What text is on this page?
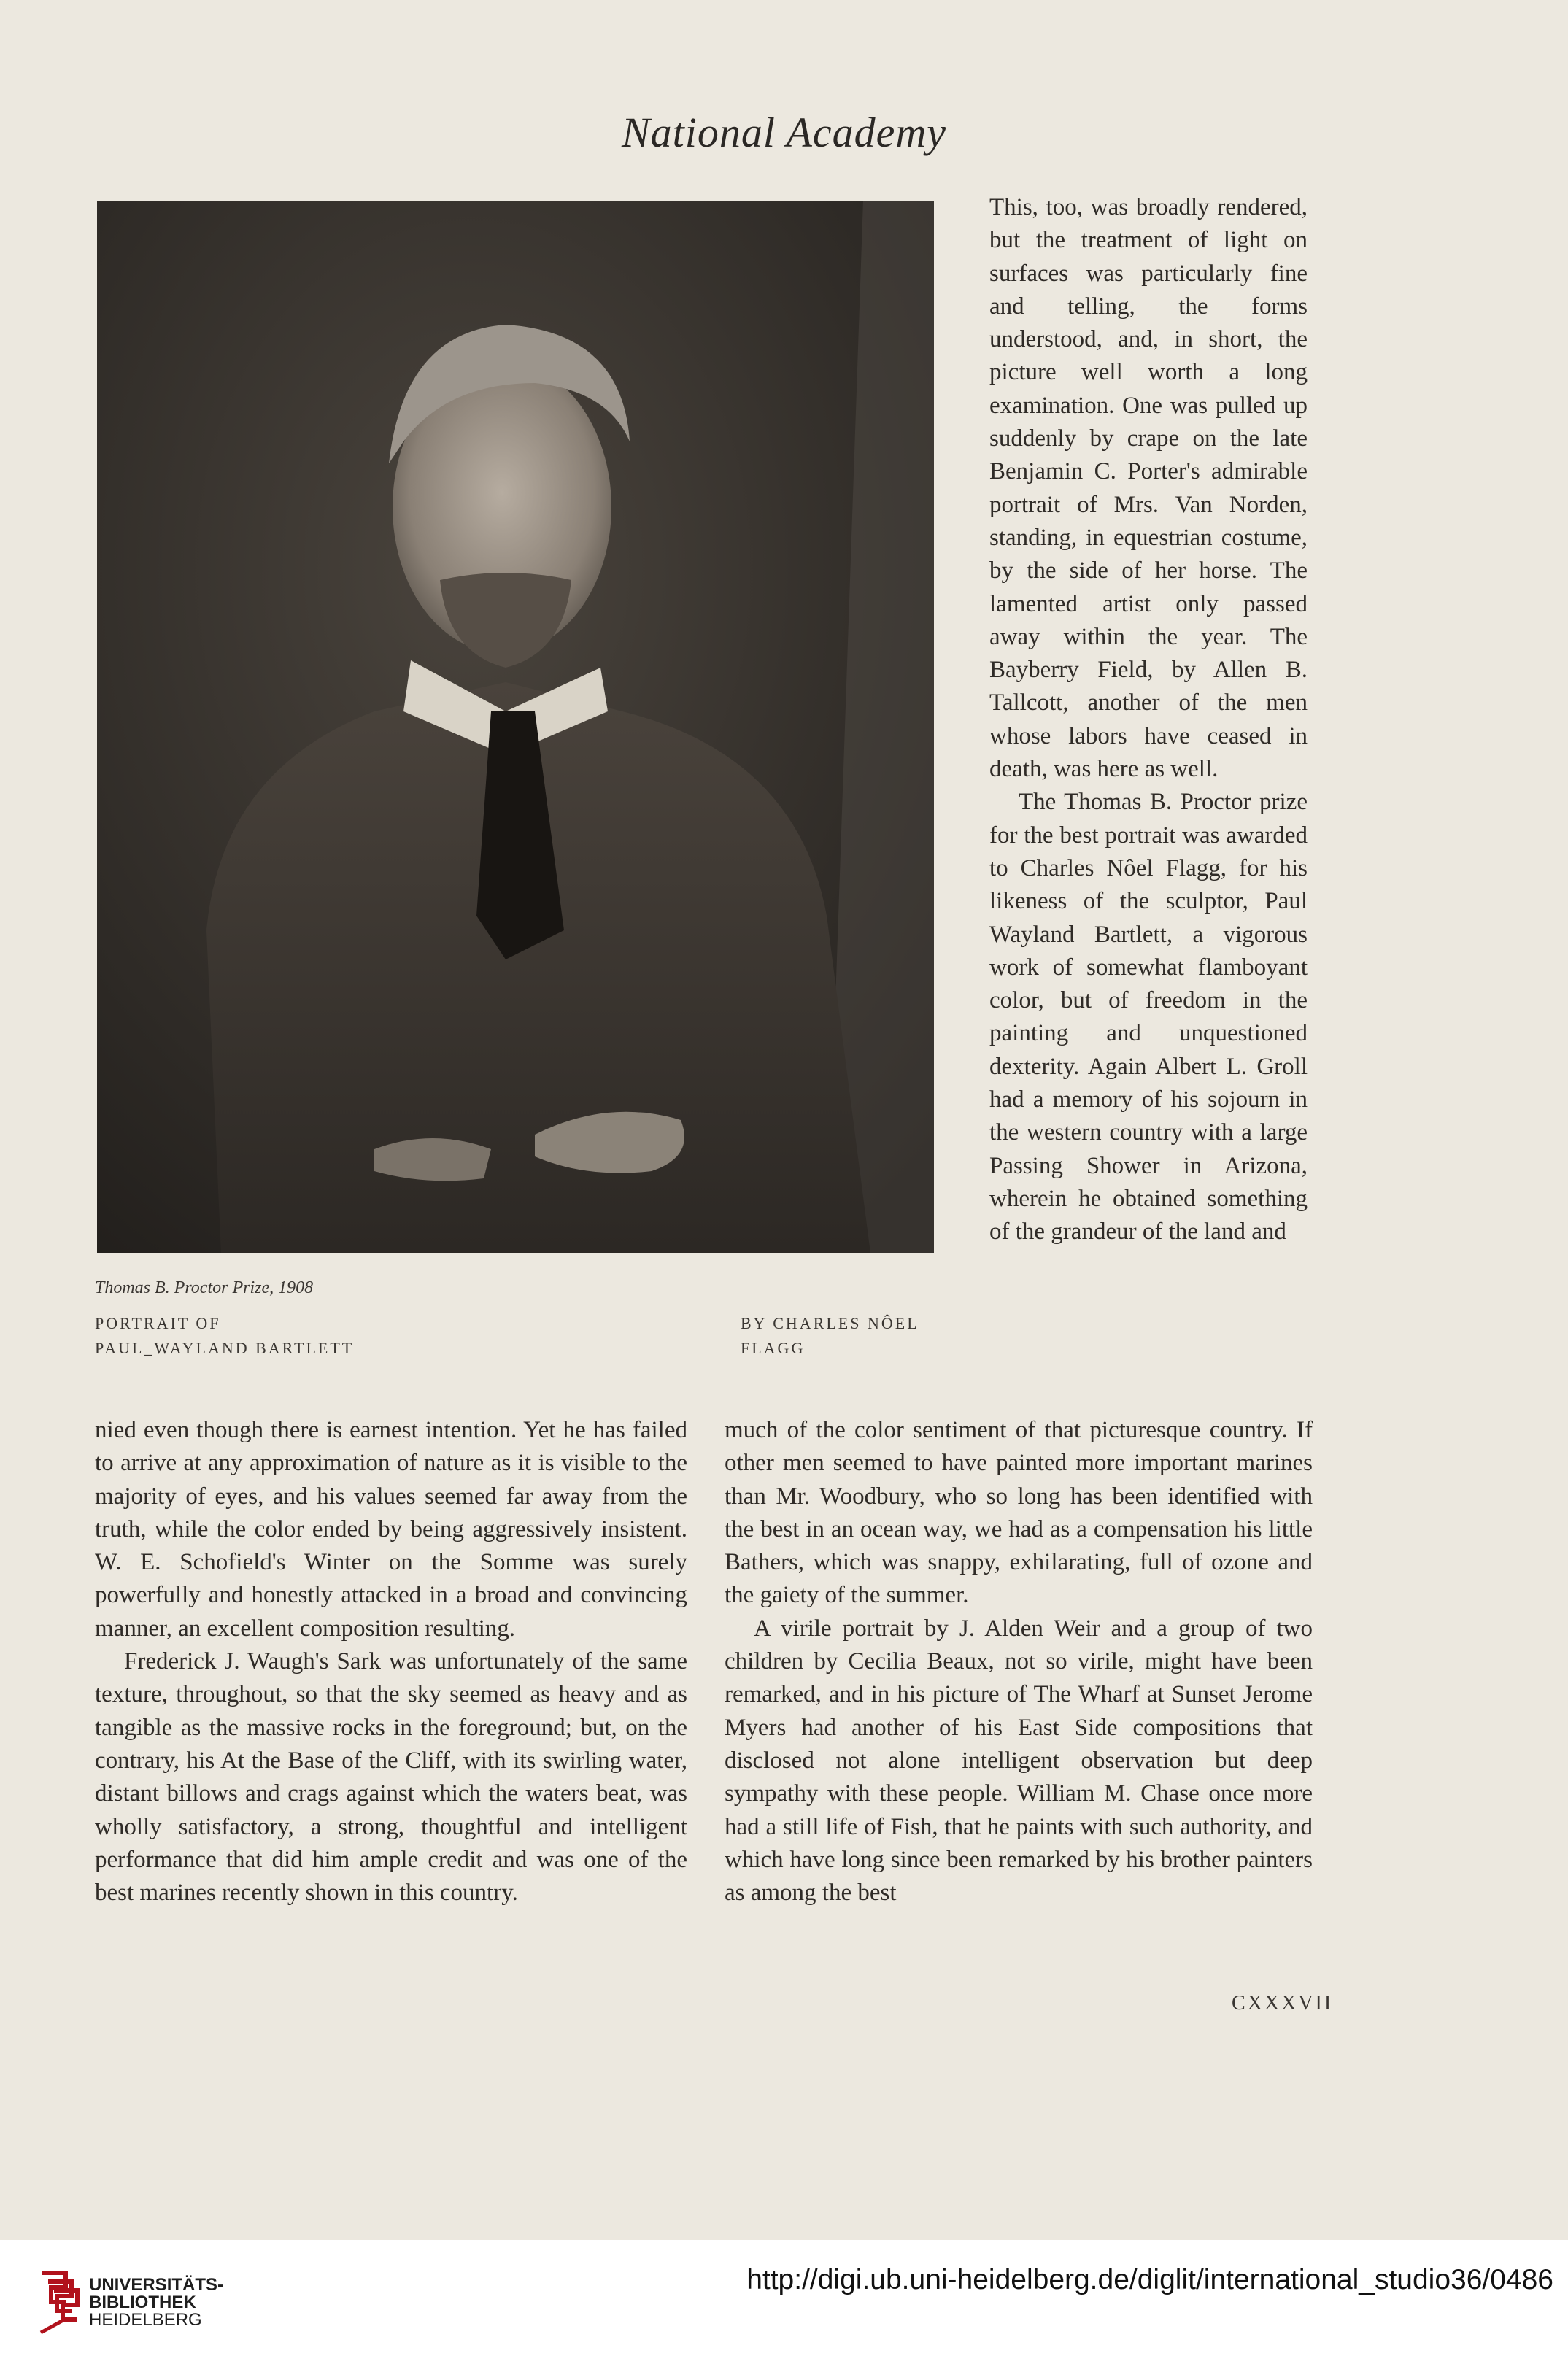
National Academy
Thomas B. Proctor Prize, 1908
PORTRAIT OF
PAUL_WAYLAND BARTLETT
BY CHARLES NÔEL
FLAGG

This, too, was broadly rendered, but the treatment of light on surfaces was particularly fine and telling, the forms understood, and, in short, the picture well worth a long examination. One was pulled up suddenly by crape on the late Benjamin C. Porter's admirable portrait of Mrs. Van Norden, standing, in equestrian costume, by the side of her horse. The lamented artist only passed away within the year. The Bayberry Field, by Allen B. Tallcott, another of the men whose labors have ceased in death, was here as well.

The Thomas B. Proctor prize for the best portrait was awarded to Charles Nôel Flagg, for his likeness of the sculptor, Paul Wayland Bartlett, a vigorous work of somewhat flamboyant color, but of freedom in the painting and unquestioned dexterity. Again Albert L. Groll had a memory of his sojourn in the western country with a large Passing Shower in Arizona, wherein he obtained something of the grandeur of the land and

nied even though there is earnest intention. Yet he has failed to arrive at any approximation of nature as it is visible to the majority of eyes, and his values seemed far away from the truth, while the color ended by being aggressively insistent. W. E. Schofield's Winter on the Somme was surely powerfully and honestly attacked in a broad and convincing manner, an excellent composition resulting.

Frederick J. Waugh's Sark was unfortunately of the same texture, throughout, so that the sky seemed as heavy and as tangible as the massive rocks in the foreground; but, on the contrary, his At the Base of the Cliff, with its swirling water, distant billows and crags against which the waters beat, was wholly satisfactory, a strong, thoughtful and intelligent performance that did him ample credit and was one of the best marines recently shown in this country.

much of the color sentiment of that picturesque country. If other men seemed to have painted more important marines than Mr. Woodbury, who so long has been identified with the best in an ocean way, we had as a compensation his little Bathers, which was snappy, exhilarating, full of ozone and the gaiety of the summer.

A virile portrait by J. Alden Weir and a group of two children by Cecilia Beaux, not so virile, might have been remarked, and in his picture of The Wharf at Sunset Jerome Myers had another of his East Side compositions that disclosed not alone intelligent observation but deep sympathy with these people. William M. Chase once more had a still life of Fish, that he paints with such authority, and which have long since been remarked by his brother painters as among the best

CXXXVII
UNIVERSITÄTS-
BIBLIOTHEK
HEIDELBERG
http://digi.ub.uni-heidelberg.de/diglit/international_studio36/0486
